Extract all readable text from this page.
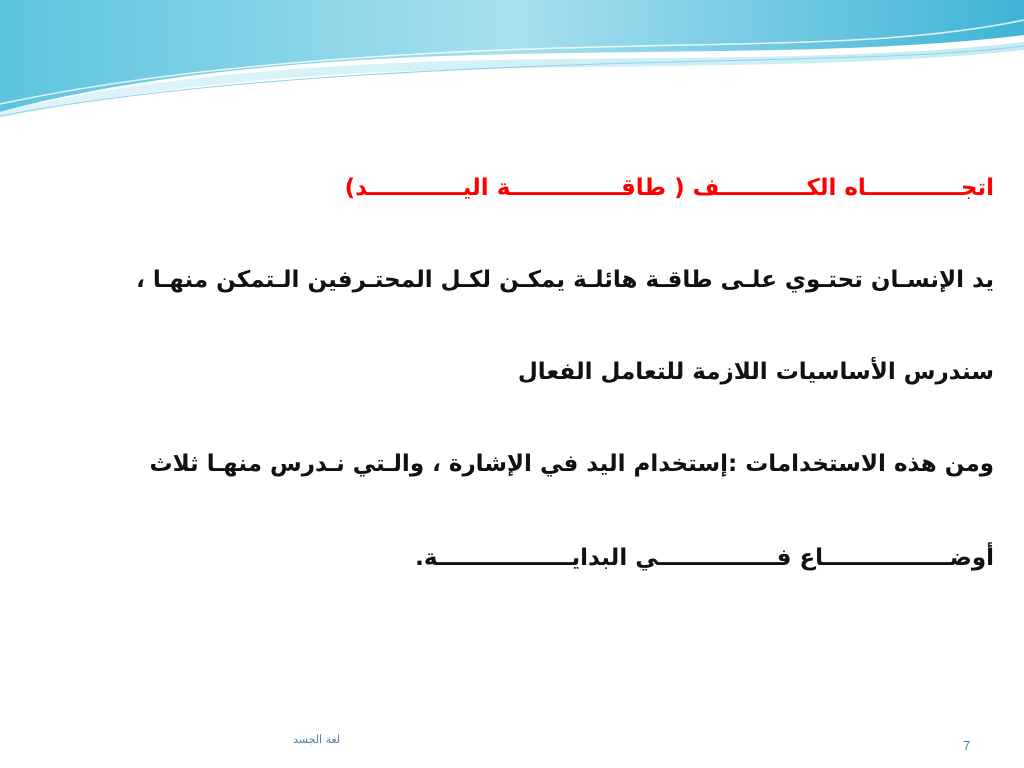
اتجــــــــــــاه الكـــــــــــف ( طاقــــــــــــــة اليــــــــــــد)
يد الإنسـان تحتـوي علـى طاقـة هائلـة يمكـن لكـل المحتـرفين الـتمكن منهـا ،
سندرس الأساسيات اللازمة للتعامل الفعال
ومن هذه الاستخدامات :إستخدام اليد في الإشارة ، والـتي نـدرس منهـا ثلاث
أوضــــــــــــــــاع فـــــــــــــــي البدايـــــــــــــــــة.
لغة الجسد	7
